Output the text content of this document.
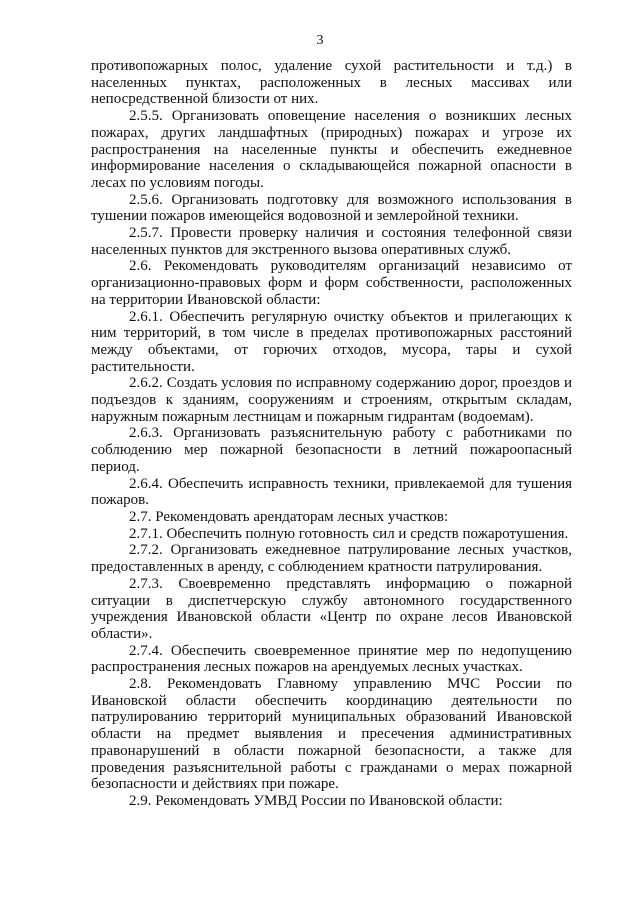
3

противопожарных полос, удаление сухой растительности и т.д.) в населенных пунктах, расположенных в лесных массивах или непосредственной близости от них.

2.5.5. Организовать оповещение населения о возникших лесных пожарах, других ландшафтных (природных) пожарах и угрозе их распространения на населенные пункты и обеспечить ежедневное информирование населения о складывающейся пожарной опасности в лесах по условиям погоды.

2.5.6. Организовать подготовку для возможного использования в тушении пожаров имеющейся водовозной и землеройной техники.

2.5.7. Провести проверку наличия и состояния телефонной связи населенных пунктов для экстренного вызова оперативных служб.

2.6. Рекомендовать руководителям организаций независимо от организационно-правовых форм и форм собственности, расположенных на территории Ивановской области:

2.6.1. Обеспечить регулярную очистку объектов и прилегающих к ним территорий, в том числе в пределах противопожарных расстояний между объектами, от горючих отходов, мусора, тары и сухой растительности.

2.6.2. Создать условия по исправному содержанию дорог, проездов и подъездов к зданиям, сооружениям и строениям, открытым складам, наружным пожарным лестницам и пожарным гидрантам (водоемам).

2.6.3. Организовать разъяснительную работу с работниками по соблюдению мер пожарной безопасности в летний пожароопасный период.

2.6.4. Обеспечить исправность техники, привлекаемой для тушения пожаров.

2.7. Рекомендовать арендаторам лесных участков:

2.7.1. Обеспечить полную готовность сил и средств пожаротушения.

2.7.2. Организовать ежедневное патрулирование лесных участков, предоставленных в аренду, с соблюдением кратности патрулирования.

2.7.3. Своевременно представлять информацию о пожарной ситуации в диспетчерскую службу автономного государственного учреждения Ивановской области «Центр по охране лесов Ивановской области».

2.7.4. Обеспечить своевременное принятие мер по недопущению распространения лесных пожаров на арендуемых лесных участках.

2.8. Рекомендовать Главному управлению МЧС России по Ивановской области обеспечить координацию деятельности по патрулированию территорий муниципальных образований Ивановской области на предмет выявления и пресечения административных правонарушений в области пожарной безопасности, а также для проведения разъяснительной работы с гражданами о мерах пожарной безопасности и действиях при пожаре.

2.9. Рекомендовать УМВД России по Ивановской области:
